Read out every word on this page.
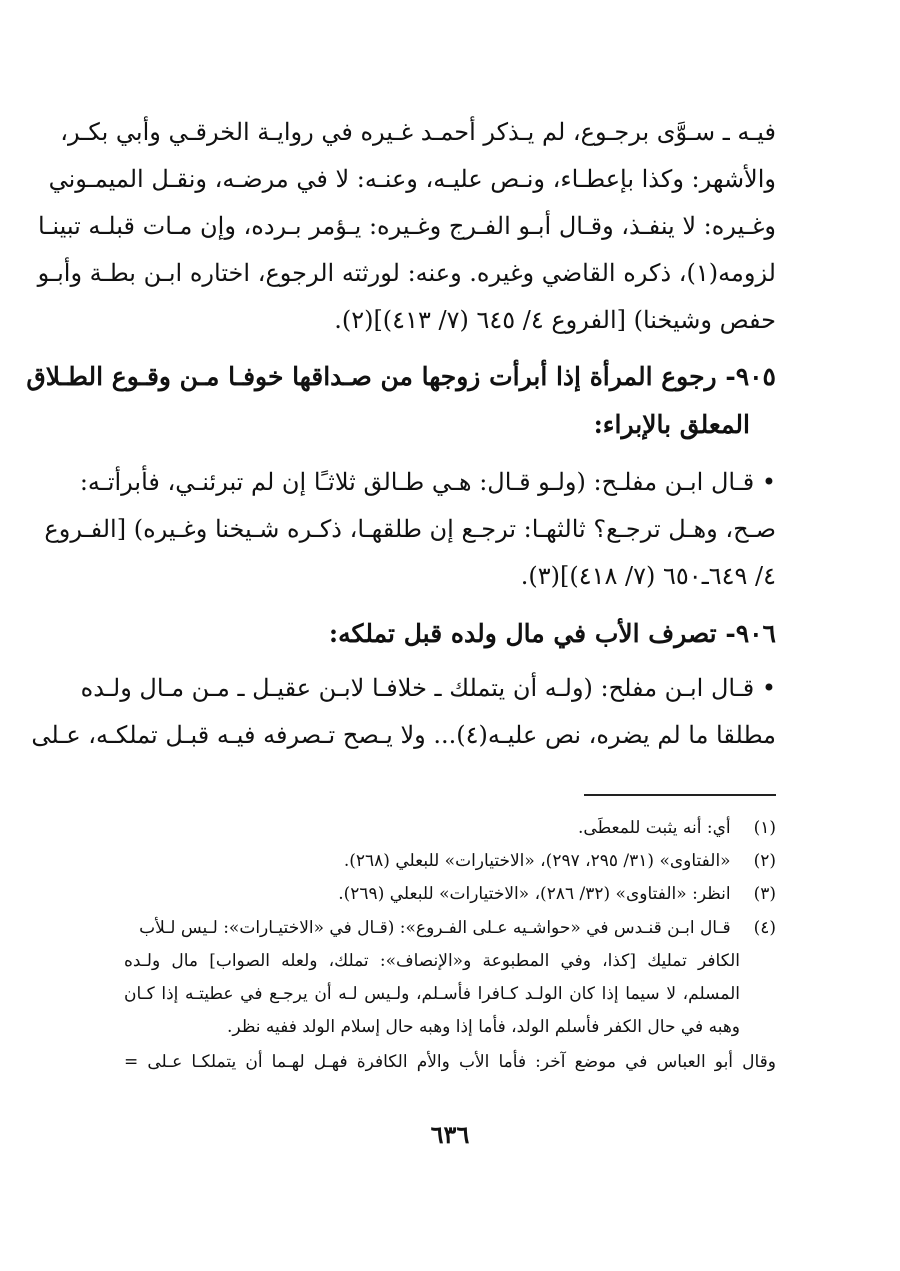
فيـه ـ سـوَّى برجـوع، لم يـذكر أحمـد غـيره في روايـة الخرقـي وأبي بكـر،
والأشهر: وكذا بإعطـاء، ونـص عليـه، وعنـه: لا في مرضـه، ونقـل الميمـوني
وغـيره: لا ينفـذ، وقـال أبـو الفـرج وغـيره: يـؤمر بـرده، وإن مـات قبلـه تبينـا
لزومه(١)، ذكره القاضي وغيره. وعنه: لورثته الرجوع، اختاره ابـن بطـة وأبـو
حفص وشيخنا) [الفروع ٤/ ٦٤٥ (٧/ ٤١٣)](٢).
٩٠٥- رجوع المرأة إذا أبرأت زوجها من صـداقها خوفـا مـن وقـوع الطـلاق
المعلق بالإبراء:
• قـال ابـن مفلـح: (ولـو قـال: هـي طـالق ثلاثـًا إن لم تبرئنـي، فأبرأتـه:
صـح، وهـل ترجـع؟ ثالثهـا: ترجـع إن طلقهـا، ذكـره شـيخنا وغـيره) [الفـروع
٤/ ٦٤٩ـ٦٥٠ (٧/ ٤١٨)](٣).
٩٠٦- تصرف الأب في مال ولده قبل تملكه:
• قـال ابـن مفلح: (ولـه أن يتملك ـ خلافـا لابـن عقيـل ـ مـن مـال ولـده
مطلقا ما لم يضره، نص عليـه(٤)... ولا يـصح تـصرفه فيـه قبـل تملكـه، عـلى
(١) أي: أنه يثبت للمعطَى.
(٢) «الفتاوى» (٣١/ ٢٩٥، ٢٩٧)، «الاختيارات» للبعلي (٢٦٨).
(٣) انظر: «الفتاوى» (٣٢/ ٢٨٦)، «الاختيارات» للبعلي (٢٦٩).
(٤) قـال ابـن قنـدس في «حواشـيه عـلى الفـروع»: (قـال في «الاختيـارات»: لـيس لـلأب
الكافر تمليك [كذا، وفي المطبوعة و«الإنصاف»: تملك، ولعله الصواب] مال ولـده
المسلم، لا سيما إذا كان الولـد كـافرا فأسـلم، ولـيس لـه أن يرجـع في عطيتـه إذا كـان
وهبه في حال الكفر فأسلم الولد، فأما إذا وهبه حال إسلام الولد ففيه نظر.
وقال أبو العباس في موضع آخر: فأما الأب والأم الكافرة فهـل لهـما أن يتملكـا عـلى =
٦٣٦
